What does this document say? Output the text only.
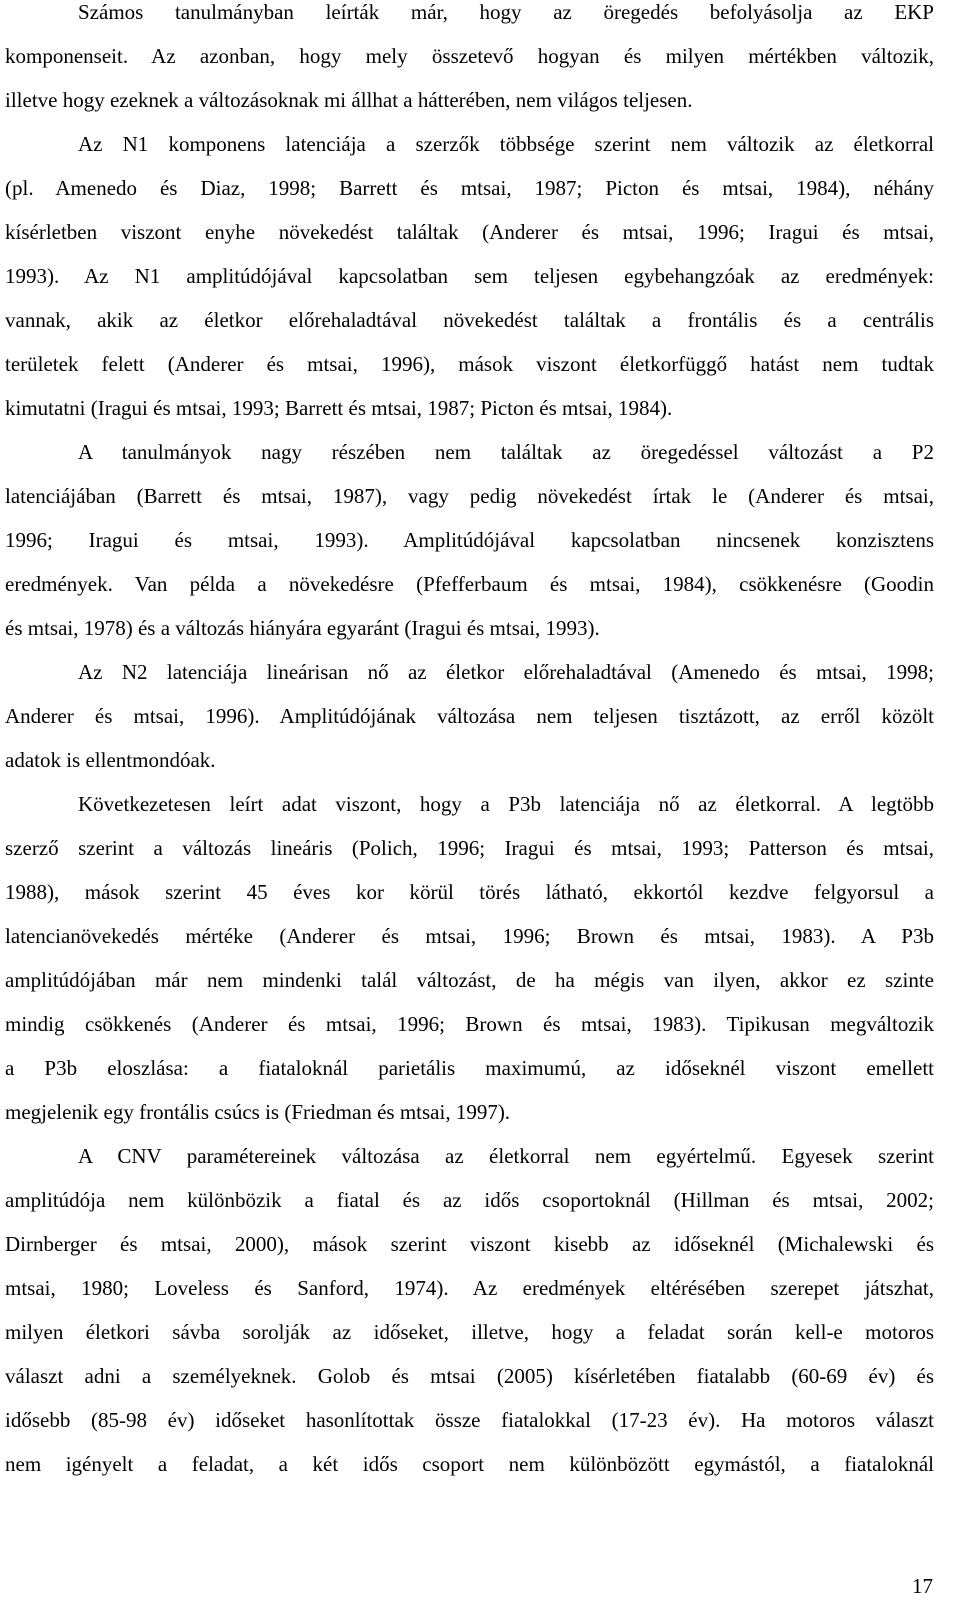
Számos tanulmányban leírták már, hogy az öregedés befolyásolja az EKP
komponenseit. Az azonban, hogy mely összetevő hogyan és milyen mértékben változik,
illetve hogy ezeknek a változásoknak mi állhat a hátterében, nem világos teljesen.
Az N1 komponens latenciája a szerzők többsége szerint nem változik az életkorral
(pl. Amenedo és Diaz, 1998; Barrett és mtsai, 1987; Picton és mtsai, 1984), néhány
kísérletben viszont enyhe növekedést találtak (Anderer és mtsai, 1996; Iragui és mtsai,
1993). Az N1 amplitúdójával kapcsolatban sem teljesen egybehangzóak az eredmények:
vannak, akik az életkor előrehaladtával növekedést találtak a frontális és a centrális
területek felett (Anderer és mtsai, 1996), mások viszont életkorfüggő hatást nem tudtak
kimutatni (Iragui és mtsai, 1993; Barrett és mtsai, 1987; Picton és mtsai, 1984).
A tanulmányok nagy részében nem találtak az öregedéssel változást a P2
latenciájában (Barrett és mtsai, 1987), vagy pedig növekedést írtak le (Anderer és mtsai,
1996; Iragui és mtsai, 1993). Amplitúdójával kapcsolatban nincsenek konzisztens
eredmények. Van példa a növekedésre (Pfefferbaum és mtsai, 1984), csökkenésre (Goodin
és mtsai, 1978) és a változás hiányára egyaránt (Iragui és mtsai, 1993).
Az N2 latenciája lineárisan nő az életkor előrehaladtával (Amenedo és mtsai, 1998;
Anderer és mtsai, 1996). Amplitúdójának változása nem teljesen tisztázott, az erről közölt
adatok is ellentmondóak.
Következetesen leírt adat viszont, hogy a P3b latenciája nő az életkorral. A legtöbb
szerző szerint a változás lineáris (Polich, 1996; Iragui és mtsai, 1993; Patterson és mtsai,
1988), mások szerint 45 éves kor körül törés látható, ekkortól kezdve felgyorsul a
latencianövekedés mértéke (Anderer és mtsai, 1996; Brown és mtsai, 1983). A P3b
amplitúdójában már nem mindenki talál változást, de ha mégis van ilyen, akkor ez szinte
mindig csökkenés (Anderer és mtsai, 1996; Brown és mtsai, 1983). Tipikusan megváltozik
a P3b eloszlása: a fiataloknál parietális maximumú, az időseknél viszont emellett
megjelenik egy frontális csúcs is (Friedman és mtsai, 1997).
A CNV paramétereinek változása az életkorral nem egyértelmű. Egyesek szerint
amplitúdója nem különbözik a fiatal és az idős csoportoknál (Hillman és mtsai, 2002;
Dirnberger és mtsai, 2000), mások szerint viszont kisebb az időseknél (Michalewski és
mtsai, 1980; Loveless és Sanford, 1974). Az eredmények eltérésében szerepet játszhat,
milyen életkori sávba sorolják az időseket, illetve, hogy a feladat során kell-e motoros
választ adni a személyeknek. Golob és mtsai (2005) kísérletében fiatalabb (60-69 év) és
idősebb (85-98 év) időseket hasonlítottak össze fiatalokkal (17-23 év). Ha motoros választ
nem igényelt a feladat, a két idős csoport nem különbözött egymástól, a fiataloknál
17
